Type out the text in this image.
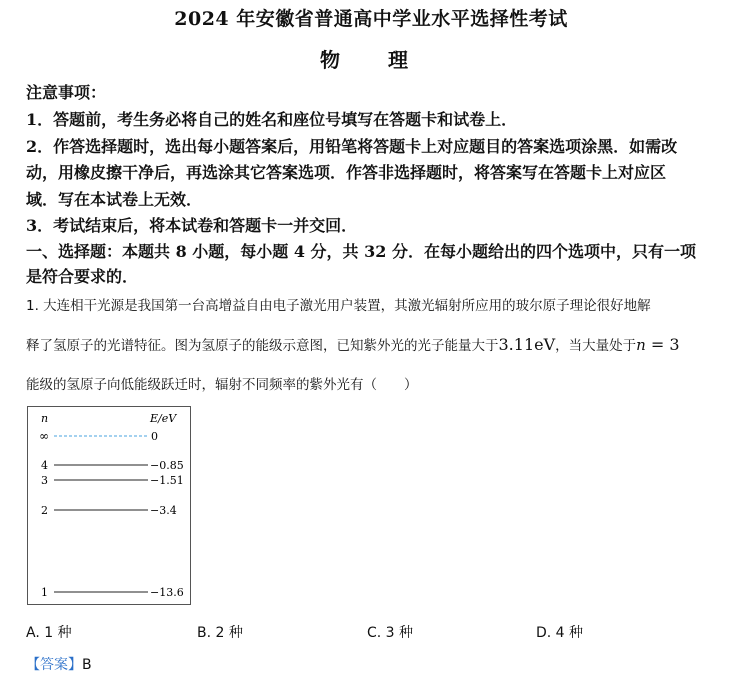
2024 年安徽省普通高中学业水平选择性考试
物　理
注意事项：
1．答题前，考生务必将自己的姓名和座位号填写在答题卡和试卷上．
2．作答选择题时，选出每小题答案后，用铅笔将答题卡上对应题目的答案选项涂黑．如需改
动，用橡皮擦干净后，再选涂其它答案选项．作答非选择题时，将答案写在答题卡上对应区
域．写在本试卷上无效．
3．考试结束后，将本试卷和答题卡一并交回．
一、选择题：本题共 8 小题，每小题 4 分，共 32 分．在每小题给出的四个选项中，只有一项
是符合要求的．
1. 大连相干光源是我国第一台高增益自由电子激光用户装置，其激光辐射所应用的玻尔原子理论很好地解
释了氢原子的光谱特征。图为氢原子的能级示意图，已知紫外光的光子能量大于3.11eV，当大量处于n = 3
能级的氢原子向低能级跃迁时，辐射不同频率的紫外光有（　　）
n	E/eV
∞	0
4	−0.85
3	−1.51
2	−3.4
1	−13.6
A. 1 种	B. 2 种	C. 3 种	D. 4 种
【答案】B
